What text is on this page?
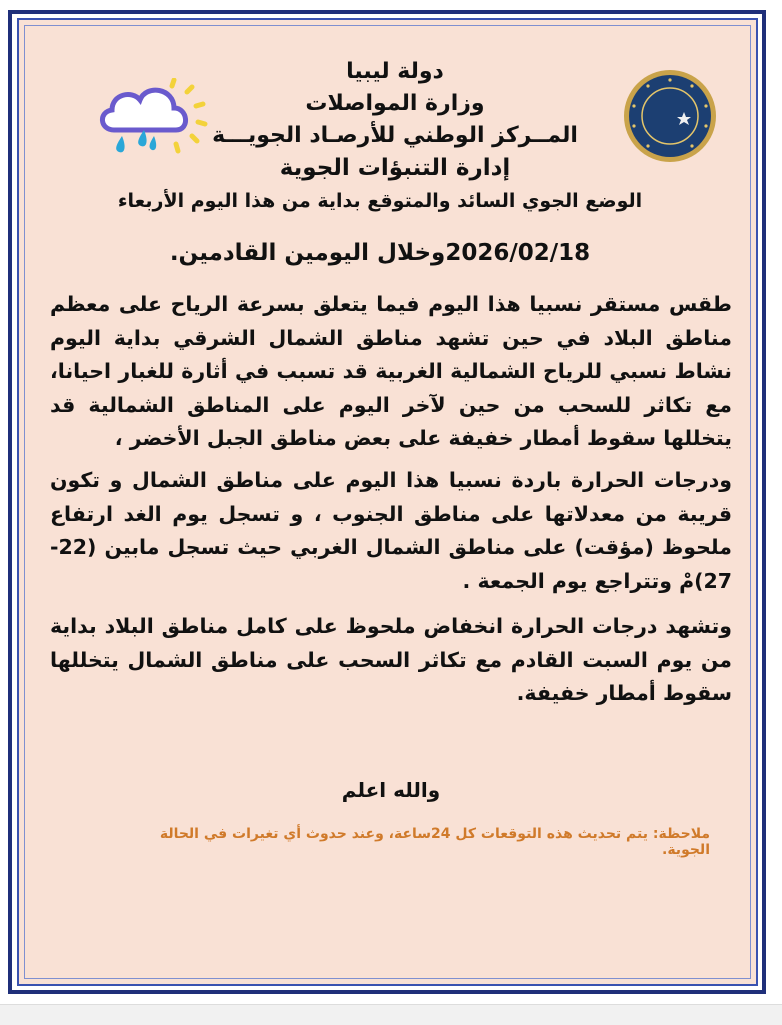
دولة ليبيا
وزارة المواصلات
المــركز الوطني للأرصـاد الجويـــة
إدارة التنبؤات الجوية
الوضع الجوي السائد والمتوقع بداية من هذا اليوم الأربعاء
2026/02/18وخلال اليومين القادمين.
طقس مستقر نسبيا هذا اليوم فيما يتعلق بسرعة الرياح على معظم مناطق البلاد في حين تشهد مناطق الشمال الشرقي بداية اليوم نشاط نسبي للرياح الشمالية الغربية قد تسبب في أثارة للغبار احيانا، مع تكاثر للسحب من حين لآخر اليوم على المناطق الشمالية قد يتخللها سقوط أمطار خفيفة على بعض مناطق الجبل الأخضر ،
ودرجات الحرارة باردة نسبيا هذا اليوم على مناطق الشمال و تكون قريبة من معدلاتها على مناطق الجنوب ، و تسجل يوم الغد ارتفاع ملحوظ (مؤقت) على مناطق الشمال الغربي حيث تسجل مابين (22- 27)مْ وتتراجع يوم الجمعة .
وتشهد درجات الحرارة انخفاض ملحوظ على كامل مناطق البلاد بداية من يوم السبت القادم مع تكاثر السحب على مناطق الشمال يتخللها سقوط أمطار خفيفة.
والله اعلم
ملاحظة: يتم تحديث هذه التوقعات كل 24ساعة، وعند حدوث أي تغيرات في الحالة الجوية.
